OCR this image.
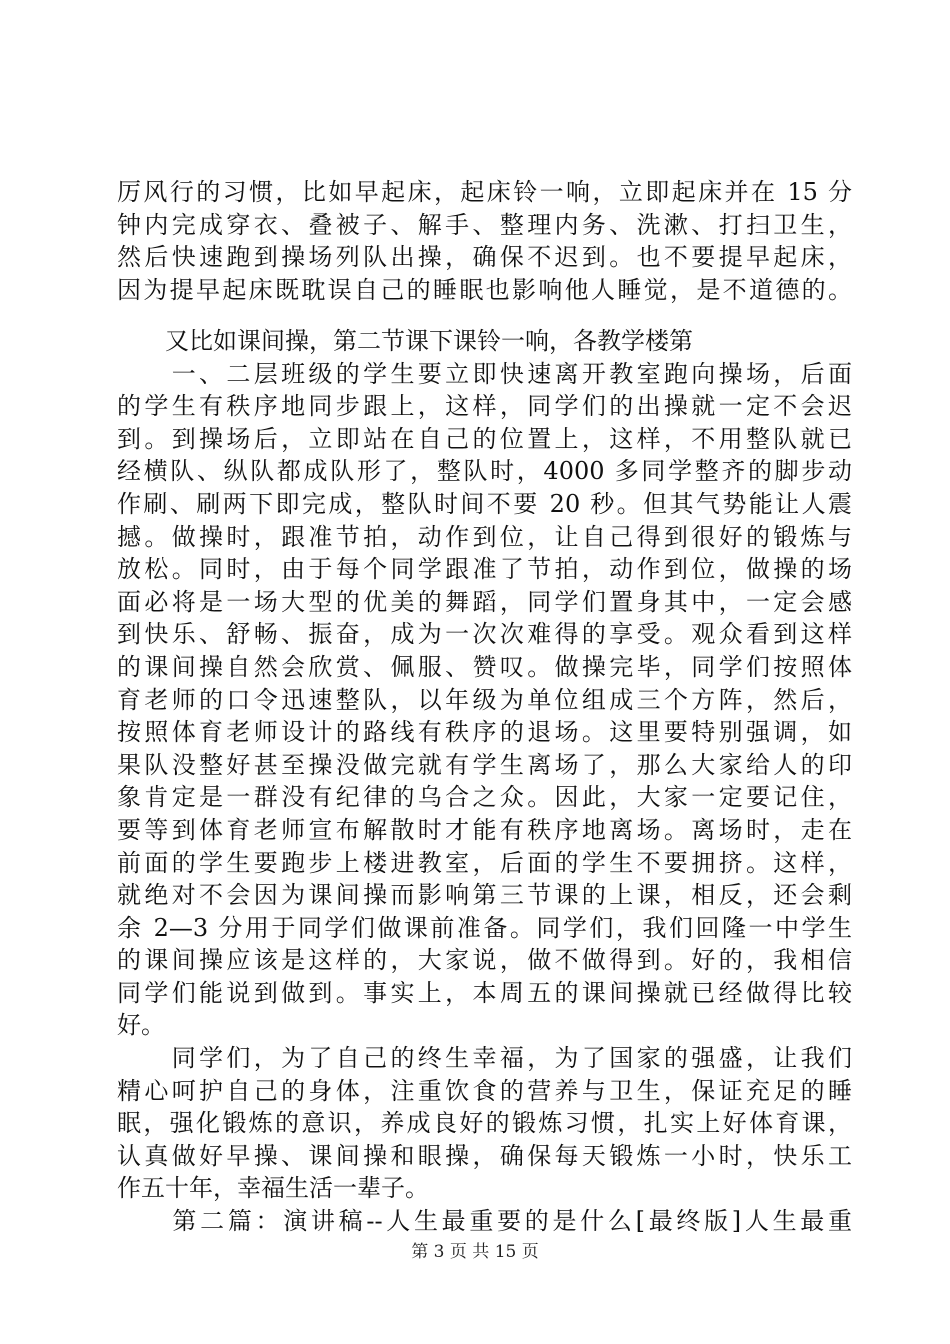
厉风行的习惯，比如早起床，起床铃一响，立即起床并在 15 分
钟内完成穿衣、叠被子、解手、整理内务、洗漱、打扫卫生，
然后快速跑到操场列队出操，确保不迟到。也不要提早起床，
因为提早起床既耽误自己的睡眠也影响他人睡觉，是不道德的。
　　又比如课间操，第二节课下课铃一响，各教学楼第
　　一、二层班级的学生要立即快速离开教室跑向操场，后面
的学生有秩序地同步跟上，这样，同学们的出操就一定不会迟
到。到操场后，立即站在自己的位置上，这样，不用整队就已
经横队、纵队都成队形了，整队时，4000 多同学整齐的脚步动
作刷、刷两下即完成，整队时间不要 20 秒。但其气势能让人震
撼。做操时，跟准节拍，动作到位，让自己得到很好的锻炼与
放松。同时，由于每个同学跟准了节拍，动作到位，做操的场
面必将是一场大型的优美的舞蹈，同学们置身其中，一定会感
到快乐、舒畅、振奋，成为一次次难得的享受。观众看到这样
的课间操自然会欣赏、佩服、赞叹。做操完毕，同学们按照体
育老师的口令迅速整队，以年级为单位组成三个方阵，然后，
按照体育老师设计的路线有秩序的退场。这里要特别强调，如
果队没整好甚至操没做完就有学生离场了，那么大家给人的印
象肯定是一群没有纪律的乌合之众。因此，大家一定要记住，
要等到体育老师宣布解散时才能有秩序地离场。离场时，走在
前面的学生要跑步上楼进教室，后面的学生不要拥挤。这样，
就绝对不会因为课间操而影响第三节课的上课，相反，还会剩
余 2—3 分用于同学们做课前准备。同学们，我们回隆一中学生
的课间操应该是这样的，大家说，做不做得到。好的，我相信
同学们能说到做到。事实上，本周五的课间操就已经做得比较
好。
　　同学们，为了自己的终生幸福，为了国家的强盛，让我们
精心呵护自己的身体，注重饮食的营养与卫生，保证充足的睡
眠，强化锻炼的意识，养成良好的锻炼习惯，扎实上好体育课，
认真做好早操、课间操和眼操，确保每天锻炼一小时，快乐工
作五十年，幸福生活一辈子。
　　第二篇：演讲稿--人生最重要的是什么[最终版]人生最重
第 3 页 共 15 页
